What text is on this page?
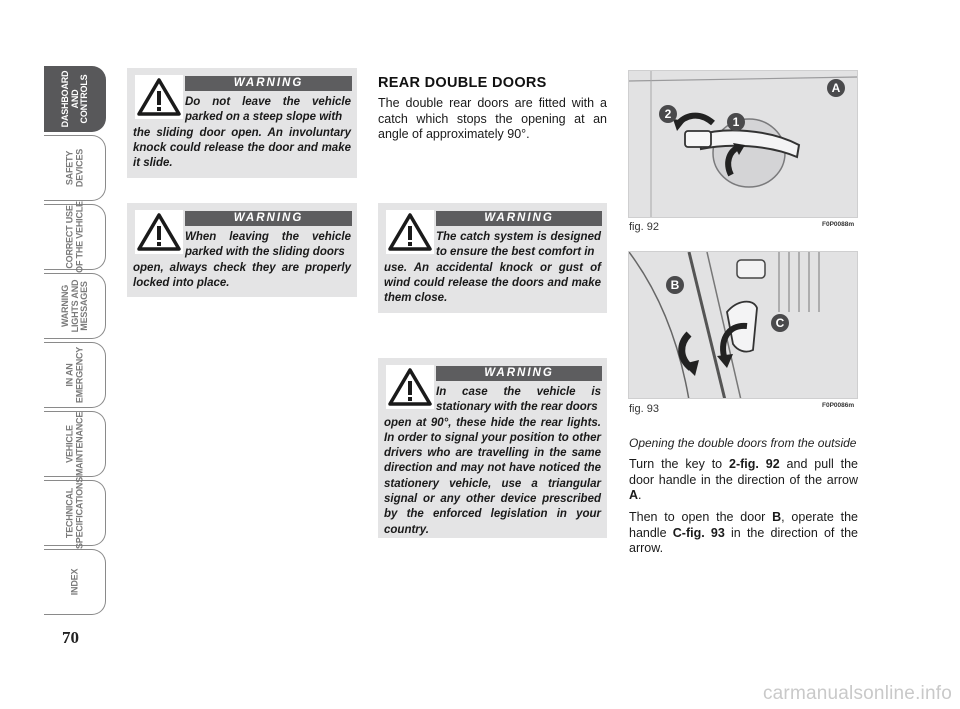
DASHBOARD
AND
CONTROLS
SAFETY
DEVICES
CORRECT USE
OF THE VEHICLE
WARNING
LIGHTS AND
MESSAGES
IN AN
EMERGENCY
VEHICLE
MAINTENANCE
TECHNICAL
SPECIFICATIONS
INDEX
70
WARNING
Do not leave the vehicle parked on a steep slope with
the sliding door open. An involuntary knock could release the door and make it slide.
WARNING
When leaving the vehicle parked with the sliding doors
open, always check they are properly locked into place.
REAR DOUBLE DOORS
The double rear doors are fitted with a catch which stops the opening at an angle of approximately 90°.
WARNING
The catch system is designed to ensure the best comfort in
use. An accidental knock or gust of wind could release the doors and make them close.
WARNING
In case the vehicle is stationary with the rear doors
open at 90°, these hide the rear lights. In order to signal your position to other drivers who are travelling in the same direction and may not have noticed the stationery vehicle, use a triangular signal or any other device prescribed by the enforced legislation in your country.
A
1
2
fig. 92	F0P0088m
B
C
fig. 93	F0P0086m
Opening the double doors from the outside
Turn the key to 2-fig. 92 and pull the door handle in the direction of the arrow A.
Then to open the door B, operate the handle C-fig. 93 in the direction of the arrow.
carmanualsonline.info
